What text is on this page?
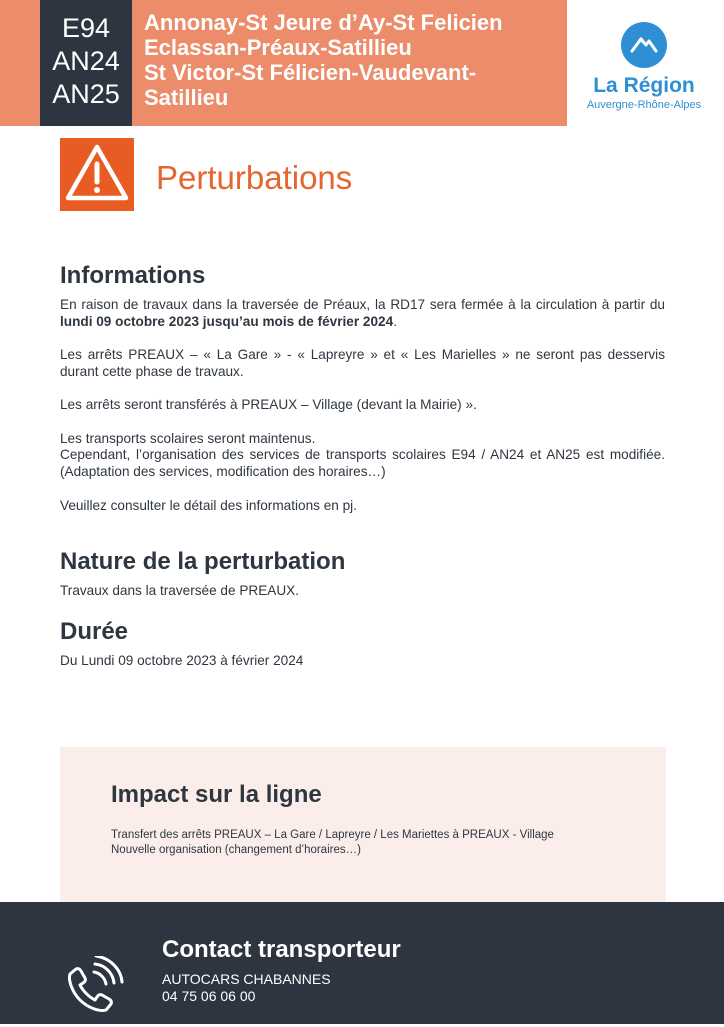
E94
AN24
AN25
Annonay-St Jeure d’Ay-St Felicien
Eclassan-Préaux-Satillieu
St Victor-St Félicien-Vaudevant-
Satillieu	La Région
Auvergne-Rhône-Alpes
Perturbations
Informations
En raison de travaux dans la traversée de Préaux, la RD17 sera fermée à la circulation à partir du lundi 09 octobre 2023 jusqu’au mois de février 2024.
Les arrêts PREAUX – « La Gare » - « Lapreyre » et « Les Marielles » ne seront pas desservis durant cette phase de travaux.
Les arrêts seront transférés à PREAUX – Village (devant la Mairie) ».
Les transports scolaires seront maintenus.
Cependant, l’organisation des services de transports scolaires E94 / AN24 et AN25 est modifiée. (Adaptation des services, modification des horaires…)
Veuillez consulter le détail des informations en pj.
Nature de la perturbation
Travaux dans la traversée de PREAUX.
Durée
Du Lundi 09 octobre 2023 à février 2024
Impact sur la ligne
Transfert des arrêts PREAUX – La Gare / Lapreyre / Les Mariettes à PREAUX - Village
Nouvelle organisation (changement d’horaires…)
Contact transporteur
AUTOCARS CHABANNES
04 75 06 06 00
